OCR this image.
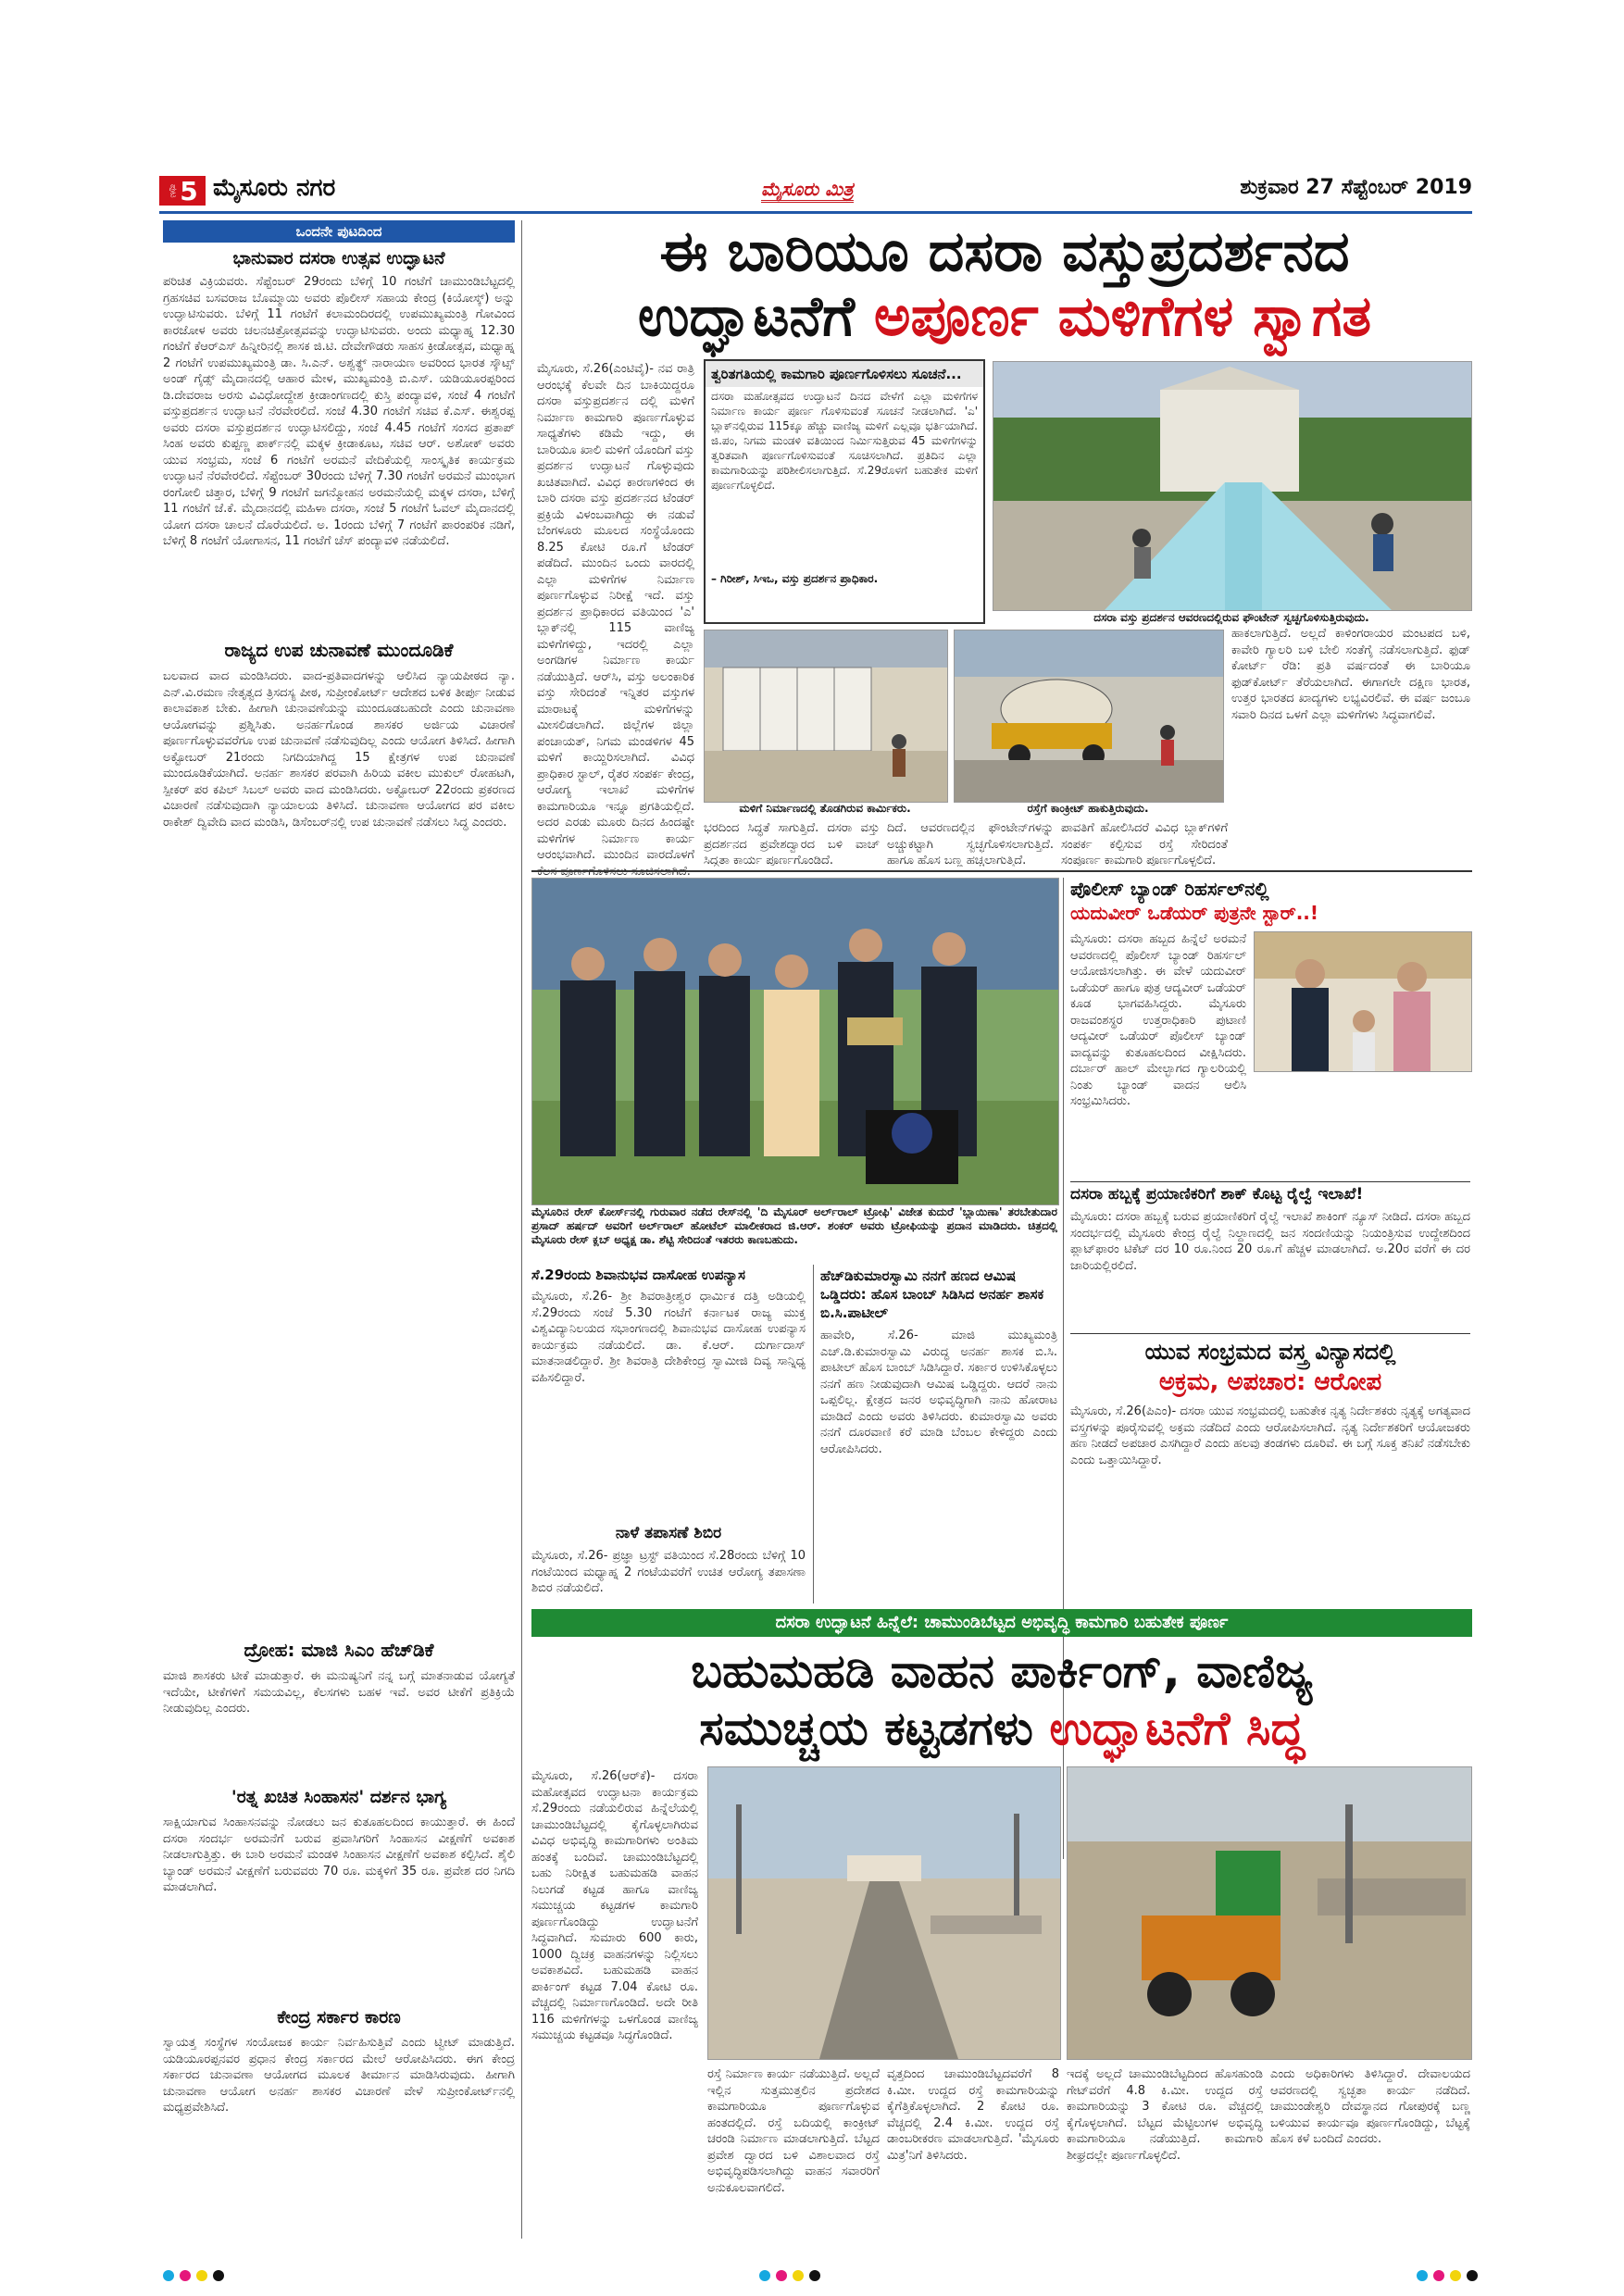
ಪುಟ 5 ಮೈಸೂರು ನಗರ	ಮೈಸೂರು ಮಿತ್ರ	ಶುಕ್ರವಾರ 27 ಸೆಪ್ಟೆಂಬರ್ 2019
ಒಂದನೇ ಪುಟದಿಂದ
ಭಾನುವಾರ ದಸರಾ ಉತ್ಸವ ಉದ್ಘಾಟನೆ
ಪರಿಚಿತ ವಿಕ್ರಿಯವರು. ಸೆಪ್ಟೆಂಬರ್ 29ರಂದು ಬೆಳಿಗ್ಗೆ 10 ಗಂಟೆಗೆ ಚಾಮುಂಡಿಬೆಟ್ಟದಲ್ಲಿ ಗ್ರಹಸಚಿವ ಬಸವರಾಜ ಬೊಮ್ಮಾಯಿ ಅವರು ಪೊಲೀಸ್ ಸಹಾಯ ಕೇಂದ್ರ (ಕಿಯೋಸ್ಕ್) ಅನ್ನು ಉದ್ಘಾಟಿಸುವರು. ಬೆಳಿಗ್ಗೆ 11 ಗಂಟೆಗೆ ಕಲಾಮಂದಿರದಲ್ಲಿ ಉಪಮುಖ್ಯಮಂತ್ರಿ ಗೋವಿಂದ ಕಾರಜೋಳ ಅವರು ಚಲನಚಿತ್ರೋತ್ಸವವನ್ನು ಉದ್ಘಾಟಿಸುವರು. ಅಂದು ಮಧ್ಯಾಹ್ನ 12.30 ಗಂಟೆಗೆ ಕೆಆರ್‌ಎಸ್ ಹಿನ್ನೀರಿನಲ್ಲಿ ಶಾಸಕ ಜಿ.ಟಿ. ದೇವೇಗೌಡರು ಸಾಹಸ ಕ್ರೀಡೋತ್ಸವ, ಮಧ್ಯಾಹ್ನ 2 ಗಂಟೆಗೆ ಉಪಮುಖ್ಯಮಂತ್ರಿ ಡಾ. ಸಿ.ಎನ್. ಅಶ್ವತ್ಥ್ ನಾರಾಯಣ ಅವರಿಂದ ಭಾರತ ಸ್ಕೌಟ್ಸ್ ಅಂಡ್ ಗೈಡ್ಸ್ ಮೈದಾನದಲ್ಲಿ ಆಹಾರ ಮೇಳ, ಮುಖ್ಯಮಂತ್ರಿ ಬಿ.ಎಸ್. ಯಡಿಯೂರಪ್ಪರಿಂದ ಡಿ.ದೇವರಾಜ ಅರಸು ವಿವಿಧೋದ್ದೇಶ ಕ್ರೀಡಾಂಗಣದಲ್ಲಿ ಕುಸ್ತಿ ಪಂದ್ಯಾವಳಿ, ಸಂಜೆ 4 ಗಂಟೆಗೆ ವಸ್ತುಪ್ರದರ್ಶನ ಉದ್ಘಾಟನೆ ನೆರವೇರಲಿದೆ. ಸಂಜೆ 4.30 ಗಂಟೆಗೆ ಸಚಿವ ಕೆ.ಎಸ್. ಈಶ್ವರಪ್ಪ ಅವರು ದಸರಾ ವಸ್ತುಪ್ರದರ್ಶನ ಉದ್ಘಾಟಿಸಲಿದ್ದು, ಸಂಜೆ 4.45 ಗಂಟೆಗೆ ಸಂಸದ ಪ್ರತಾಪ್ ಸಿಂಹ ಅವರು ಕುಪ್ಪಣ್ಣ ಪಾರ್ಕ್‌ನಲ್ಲಿ ಮಕ್ಕಳ ಕ್ರೀಡಾಕೂಟ, ಸಚಿವ ಆರ್. ಅಶೋಕ್ ಅವರು ಯುವ ಸಂಭ್ರಮ, ಸಂಜೆ 6 ಗಂಟೆಗೆ ಅರಮನೆ ವೇದಿಕೆಯಲ್ಲಿ ಸಾಂಸ್ಕೃತಿಕ ಕಾರ್ಯಕ್ರಮ ಉದ್ಘಾಟನೆ ನೆರವೇರಲಿದೆ. ಸೆಪ್ಟೆಂಬರ್ 30ರಂದು ಬೆಳಿಗ್ಗೆ 7.30 ಗಂಟೆಗೆ ಅರಮನೆ ಮುಂಭಾಗ ರಂಗೋಲಿ ಚಿತ್ತಾರ, ಬೆಳಿಗ್ಗೆ 9 ಗಂಟೆಗೆ ಜಗನ್ಮೋಹನ ಅರಮನೆಯಲ್ಲಿ ಮಕ್ಕಳ ದಸರಾ, ಬೆಳಿಗ್ಗೆ 11 ಗಂಟೆಗೆ ಜೆ.ಕೆ. ಮೈದಾನದಲ್ಲಿ ಮಹಿಳಾ ದಸರಾ, ಸಂಜೆ 5 ಗಂಟೆಗೆ ಓವಲ್ ಮೈದಾನದಲ್ಲಿ ಯೋಗ ದಸರಾ ಚಾಲನೆ ದೊರೆಯಲಿದೆ. ಅ. 1ರಂದು ಬೆಳಿಗ್ಗೆ 7 ಗಂಟೆಗೆ ಪಾರಂಪರಿಕ ನಡಿಗೆ, ಬೆಳಿಗ್ಗೆ 8 ಗಂಟೆಗೆ ಯೋಗಾಸನ, 11 ಗಂಟೆಗೆ ಚೆಸ್ ಪಂದ್ಯಾವಳಿ ನಡೆಯಲಿದೆ.
ರಾಜ್ಯದ ಉಪ ಚುನಾವಣೆ ಮುಂದೂಡಿಕೆ
ಬಲವಾದ ವಾದ ಮಂಡಿಸಿದರು. ವಾದ-ಪ್ರತಿವಾದಗಳನ್ನು ಆಲಿಸಿದ ನ್ಯಾಯಪೀಠದ ನ್ಯಾ. ಎನ್.ವಿ.ರಮಣ ನೇತೃತ್ವದ ತ್ರಿಸದಸ್ಯ ಪೀಠ, ಸುಪ್ರೀಂಕೋರ್ಟ್ ಆದೇಶದ ಬಳಿಕ ತೀರ್ಪು ನೀಡುವ ಕಾಲಾವಕಾಶ ಬೇಕು. ಹೀಗಾಗಿ ಚುನಾವಣೆಯನ್ನು ಮುಂದೂಡಬಹುದೇ ಎಂದು ಚುನಾವಣಾ ಆಯೋಗವನ್ನು ಪ್ರಶ್ನಿಸಿತು. ಅನರ್ಹಗೊಂಡ ಶಾಸಕರ ಅರ್ಜಿಯ ವಿಚಾರಣೆ ಪೂರ್ಣಗೊಳ್ಳುವವರೆಗೂ ಉಪ ಚುನಾವಣೆ ನಡೆಸುವುದಿಲ್ಲ ಎಂದು ಆಯೋಗ ತಿಳಿಸಿದೆ. ಹೀಗಾಗಿ ಅಕ್ಟೋಬರ್ 21ರಂದು ನಿಗದಿಯಾಗಿದ್ದ 15 ಕ್ಷೇತ್ರಗಳ ಉಪ ಚುನಾವಣೆ ಮುಂದೂಡಿಕೆಯಾಗಿದೆ. ಅನರ್ಹ ಶಾಸಕರ ಪರವಾಗಿ ಹಿರಿಯ ವಕೀಲ ಮುಕುಲ್ ರೋಹಟಗಿ, ಸ್ಪೀಕರ್ ಪರ ಕಪಿಲ್ ಸಿಬಲ್ ಅವರು ವಾದ ಮಂಡಿಸಿದರು. ಅಕ್ಟೋಬರ್ 22ರಂದು ಪ್ರಕರಣದ ವಿಚಾರಣೆ ನಡೆಸುವುದಾಗಿ ನ್ಯಾಯಾಲಯ ತಿಳಿಸಿದೆ. ಚುನಾವಣಾ ಆಯೋಗದ ಪರ ವಕೀಲ ರಾಕೇಶ್ ದ್ವಿವೇದಿ ವಾದ ಮಂಡಿಸಿ, ಡಿಸೆಂಬರ್‌ನಲ್ಲಿ ಉಪ ಚುನಾವಣೆ ನಡೆಸಲು ಸಿದ್ಧ ಎಂದರು.
ದ್ರೋಹ: ಮಾಜಿ ಸಿಎಂ ಹೆಚ್‌ಡಿಕೆ
ಮಾಜಿ ಶಾಸಕರು ಟೀಕೆ ಮಾಡುತ್ತಾರೆ. ಈ ಮನುಷ್ಯನಿಗೆ ನನ್ನ ಬಗ್ಗೆ ಮಾತನಾಡುವ ಯೋಗ್ಯತೆ ಇದೆಯೇ, ಟೀಕೆಗಳಿಗೆ ಸಮಯವಿಲ್ಲ, ಕೆಲಸಗಳು ಬಹಳ ಇವೆ. ಅವರ ಟೀಕೆಗೆ ಪ್ರತಿಕ್ರಿಯೆ ನೀಡುವುದಿಲ್ಲ ಎಂದರು.
'ರತ್ನ ಖಚಿತ ಸಿಂಹಾಸನ' ದರ್ಶನ ಭಾಗ್ಯ
ಸಾಕ್ಷಿಯಾಗುವ ಸಿಂಹಾಸನವನ್ನು ನೋಡಲು ಜನ ಕುತೂಹಲದಿಂದ ಕಾಯುತ್ತಾರೆ. ಈ ಹಿಂದೆ ದಸರಾ ಸಂದರ್ಭ ಅರಮನೆಗೆ ಬರುವ ಪ್ರವಾಸಿಗರಿಗೆ ಸಿಂಹಾಸನ ವೀಕ್ಷಣೆಗೆ ಅವಕಾಶ ನೀಡಲಾಗುತ್ತಿತ್ತು. ಈ ಬಾರಿ ಅರಮನೆ ಮಂಡಳಿ ಸಿಂಹಾಸನ ವೀಕ್ಷಣೆಗೆ ಅವಕಾಶ ಕಲ್ಪಿಸಿದೆ. ಶೈಲಿ ಬ್ಯಾಂಡ್ ಅರಮನೆ ವೀಕ್ಷಣೆಗೆ ಬರುವವರು 70 ರೂ. ಮಕ್ಕಳಿಗೆ 35 ರೂ. ಪ್ರವೇಶ ದರ ನಿಗದಿ ಮಾಡಲಾಗಿದೆ.
ಕೇಂದ್ರ ಸರ್ಕಾರ ಕಾರಣ
ಸ್ವಾಯತ್ತ ಸಂಸ್ಥೆಗಳ ಸಂಯೋಜಕ ಕಾರ್ಯ ನಿರ್ವಹಿಸುತ್ತಿವೆ ಎಂದು ಟ್ವೀಟ್ ಮಾಡುತ್ತಿದೆ. ಯಡಿಯೂರಪ್ಪನವರ ಪ್ರಧಾನ ಕೇಂದ್ರ ಸರ್ಕಾರದ ಮೇಲೆ ಆರೋಪಿಸಿದರು. ಈಗ ಕೇಂದ್ರ ಸರ್ಕಾರದ ಚುನಾವಣಾ ಆಯೋಗದ ಮೂಲಕ ತೀರ್ಮಾನ ಮಾಡಿಸಿರುವುದು. ಹೀಗಾಗಿ ಚುನಾವಣಾ ಆಯೋಗ ಅನರ್ಹ ಶಾಸಕರ ವಿಚಾರಣೆ ವೇಳೆ ಸುಪ್ರೀಂಕೋರ್ಟ್‌ನಲ್ಲಿ ಮಧ್ಯಪ್ರವೇಶಿಸಿದೆ.
ಈ ಬಾರಿಯೂ ದಸರಾ ವಸ್ತುಪ್ರದರ್ಶನದ
ಉದ್ಘಾಟನೆಗೆ ಅಪೂರ್ಣ ಮಳಿಗೆಗಳ ಸ್ವಾಗತ
ಮೈಸೂರು, ಸೆ.26(ಎಂಟಿವೈ)- ನವ ರಾತ್ರಿ ಆರಂಭಕ್ಕೆ ಕೆಲವೇ ದಿನ ಬಾಕಿಯಿದ್ದರೂ ದಸರಾ ವಸ್ತುಪ್ರದರ್ಶನ ದಲ್ಲಿ ಮಳಿಗೆ ನಿರ್ಮಾಣ ಕಾಮಗಾರಿ ಪೂರ್ಣಗೊಳ್ಳುವ ಸಾಧ್ಯತೆಗಳು ಕಡಿಮೆ ಇದ್ದು, ಈ ಬಾರಿಯೂ ಖಾಲಿ ಮಳಿಗೆ ಯೊಂದಿಗೆ ವಸ್ತು ಪ್ರದರ್ಶನ ಉದ್ಘಾಟನೆ ಗೊಳ್ಳುವುದು ಖಚಿತವಾಗಿದೆ. ವಿವಿಧ ಕಾರಣಗಳಿಂದ ಈ ಬಾರಿ ದಸರಾ ವಸ್ತು ಪ್ರದರ್ಶನದ ಟೆಂಡರ್ ಪ್ರಕ್ರಿಯೆ ವಿಳಂಬವಾಗಿದ್ದು ಈ ನಡುವೆ ಬೆಂಗಳೂರು ಮೂಲದ ಸಂಸ್ಥೆಯೊಂದು 8.25 ಕೋಟಿ ರೂ.ಗೆ ಟೆಂಡರ್ ಪಡೆದಿದೆ. ಮುಂದಿನ ಒಂದು ವಾರದಲ್ಲಿ ಎಲ್ಲಾ ಮಳಿಗೆಗಳ ನಿರ್ಮಾಣ ಪೂರ್ಣಗೊಳ್ಳುವ ನಿರೀಕ್ಷೆ ಇದೆ. ವಸ್ತು ಪ್ರದರ್ಶನ ಪ್ರಾಧಿಕಾರದ ವತಿಯಿಂದ 'ಎ' ಬ್ಲಾಕ್‌ನಲ್ಲಿ 115 ವಾಣಿಜ್ಯ ಮಳಿಗೆಗಳಿದ್ದು, ಇದರಲ್ಲಿ ಎಲ್ಲಾ ಅಂಗಡಿಗಳ ನಿರ್ಮಾಣ ಕಾರ್ಯ ನಡೆಯುತ್ತಿದೆ. ಆರ್‌ಸಿ, ವಸ್ತು ಅಲಂಕಾರಿಕ ವಸ್ತು ಸೇರಿದಂತೆ ಇನ್ನಿತರ ವಸ್ತುಗಳ ಮಾರಾಟಕ್ಕೆ ಮಳಿಗೆಗಳನ್ನು ಮೀಸಲಿಡಲಾಗಿದೆ. ಜಿಲ್ಲೆಗಳ ಜಿಲ್ಲಾ ಪಂಚಾಯತ್, ನಿಗಮ ಮಂಡಳಿಗಳ 45 ಮಳಿಗೆ ಕಾಯ್ದಿರಿಸಲಾಗಿದೆ. ವಿವಿಧ ಪ್ರಾಧಿಕಾರ ಸ್ಟಾಲ್, ರೈತರ ಸಂಪರ್ಕ ಕೇಂದ್ರ, ಆರೋಗ್ಯ ಇಲಾಖೆ ಮಳಿಗೆಗಳ ಕಾಮಗಾರಿಯೂ ಇನ್ನೂ ಪ್ರಗತಿಯಲ್ಲಿದೆ. ಅದರ ಎರಡು ಮೂರು ದಿನದ ಹಿಂದಷ್ಟೇ ಮಳಿಗೆಗಳ ನಿರ್ಮಾಣ ಕಾರ್ಯ ಆರಂಭವಾಗಿದೆ. ಮುಂದಿನ ವಾರದೊಳಗೆ
ತ್ವರಿತಗತಿಯಲ್ಲಿ ಕಾಮಗಾರಿ ಪೂರ್ಣಗೊಳಿಸಲು ಸೂಚನೆ...
ದಸರಾ ಮಹೋತ್ಸವದ ಉದ್ಘಾಟನೆ ದಿನದ ವೇಳೆಗೆ ಎಲ್ಲಾ ಮಳಿಗೆಗಳ ನಿರ್ಮಾಣ ಕಾರ್ಯ ಪೂರ್ಣ ಗೊಳಿಸುವಂತೆ ಸೂಚನೆ ನೀಡಲಾಗಿದೆ. 'ಎ' ಬ್ಲಾಕ್‌ನಲ್ಲಿರುವ 115ಕ್ಕೂ ಹೆಚ್ಚು ವಾಣಿಜ್ಯ ಮಳಿಗೆ ಎಲ್ಲವೂ ಭರ್ತಿಯಾಗಿದೆ. ಜಿ.ಪಂ, ನಿಗಮ ಮಂಡಳಿ ವತಿಯಿಂದ ನಿರ್ಮಿಸುತ್ತಿರುವ 45 ಮಳಿಗೆಗಳನ್ನು ತ್ವರಿತವಾಗಿ ಪೂರ್ಣಗೊಳಿಸುವಂತೆ ಸೂಚಿಸಲಾಗಿದೆ. ಪ್ರತಿದಿನ ಎಲ್ಲಾ ಕಾಮಗಾರಿಯನ್ನು ಪರಿಶೀಲಿಸಲಾಗುತ್ತಿದೆ. ಸೆ.29ರೊಳಗೆ ಬಹುತೇಕ ಮಳಿಗೆ ಪೂರ್ಣಗೊಳ್ಳಲಿದೆ.
– ಗಿರೀಶ್, ಸಿಇಒ, ವಸ್ತು ಪ್ರದರ್ಶನ ಪ್ರಾಧಿಕಾರ.
ದಸರಾ ವಸ್ತು ಪ್ರದರ್ಶನ ಆವರಣದಲ್ಲಿರುವ ಫೌಂಟೇನ್ ಸ್ವಚ್ಛಗೊಳಿಸುತ್ತಿರುವುದು.
ಮಳಿಗೆ ನಿರ್ಮಾಣದಲ್ಲಿ ತೊಡಗಿರುವ ಕಾರ್ಮಿಕರು.	ರಸ್ತೆಗೆ ಕಾಂಕ್ರೀಟ್ ಹಾಕುತ್ತಿರುವುದು.
ಹಾಕಲಾಗುತ್ತಿದೆ. ಅಲ್ಲದೆ ಕಾಳಿಂಗರಾಯರ ಮಂಟಪದ ಬಳಿ, ಕಾವೇರಿ ಗ್ಯಾಲರಿ ಬಳಿ ಬೇಲಿ ಸಂತೆಗೈ ನಡೆಸಲಾಗುತ್ತಿದೆ. ಫುಡ್ ಕೋರ್ಟ್ ರೆಡಿ: ಪ್ರತಿ ವರ್ಷದಂತೆ ಈ ಬಾರಿಯೂ ಫುಡ್‌ಕೋರ್ಟ್ ತೆರೆಯಲಾಗಿದೆ. ಈಗಾಗಲೇ ದಕ್ಷಿಣ ಭಾರತ, ಉತ್ತರ ಭಾರತದ ಖಾದ್ಯಗಳು ಲಭ್ಯವಿರಲಿವೆ. ಈ ವರ್ಷ ಜಂಬೂ ಸವಾರಿ ದಿನದ ಒಳಗೆ ಎಲ್ಲಾ ಮಳಿಗೆಗಳು ಸಿದ್ಧವಾಗಲಿವೆ.
ಭರದಿಂದ ಸಿದ್ಧತೆ ಸಾಗುತ್ತಿದೆ. ದಸರಾ ವಸ್ತು ಪ್ರದರ್ಶನದ ಪ್ರವೇಶದ್ವಾರದ ಬಳಿ ವಾಚ್ ಸಿದ್ಧತಾ ಕಾರ್ಯ ಪೂರ್ಣಗೊಂಡಿದೆ.
ದಿದೆ. ಆವರಣದಲ್ಲಿನ ಫೌಂಟೇನ್‌ಗಳನ್ನು ಅಚ್ಚುಕಟ್ಟಾಗಿ ಸ್ವಚ್ಛಗೊಳಿಸಲಾಗುತ್ತಿದೆ. ಹಾಗೂ ಹೊಸ ಬಣ್ಣ ಹಚ್ಚಲಾಗುತ್ತಿದೆ.
ಪಾವತಿಗೆ ಹೋಲಿಸಿದರೆ ವಿವಿಧ ಬ್ಲಾಕ್‌ಗಳಿಗೆ ಸಂಪರ್ಕ ಕಲ್ಪಿಸುವ ರಸ್ತೆ ಸೇರಿದಂತೆ ಸಂಪೂರ್ಣ ಕಾಮಗಾರಿ ಪೂರ್ಣಗೊಳ್ಳಲಿದೆ.
ಮೈಸೂರಿನ ರೇಸ್ ಕೋರ್ಸ್‌ನಲ್ಲಿ ಗುರುವಾರ ನಡೆದ ರೇಸ್‌ನಲ್ಲಿ 'ದಿ ಮೈಸೂರ್ ಅರ್ಲ್‌ರಾಲ್ ಟ್ರೋಫಿ' ವಿಜೇತ ಕುದುರೆ 'ಬ್ಲಾಯಿಣಾ' ತರಬೇತುದಾರ ಪ್ರಸಾದ್ ಹರ್ಷದ್ ಅವರಿಗೆ ಅರ್ಲ್‌ರಾಲ್ ಹೋಟೆಲ್ ಮಾಲೀಕರಾದ ಜಿ.ಆರ್. ಶಂಕರ್ ಅವರು ಟ್ರೋಫಿಯನ್ನು ಪ್ರದಾನ ಮಾಡಿದರು. ಚಿತ್ರದಲ್ಲಿ ಮೈಸೂರು ರೇಸ್ ಕ್ಲಬ್ ಅಧ್ಯಕ್ಷ ಡಾ. ಶೆಟ್ಟಿ ಸೇರಿದಂತೆ ಇತರರು ಕಾಣಬಹುದು.
ಸೆ.29ರಂದು ಶಿವಾನುಭವ ದಾಸೋಹ ಉಪನ್ಯಾಸ
ಮೈಸೂರು, ಸೆ.26- ಶ್ರೀ ಶಿವರಾತ್ರೀಶ್ವರ ಧಾರ್ಮಿಕ ದತ್ತಿ ಅಡಿಯಲ್ಲಿ ಸೆ.29ರಂದು ಸಂಜೆ 5.30 ಗಂಟೆಗೆ ಕರ್ನಾಟಕ ರಾಜ್ಯ ಮುಕ್ತ ವಿಶ್ವವಿದ್ಯಾನಿಲಯದ ಸಭಾಂಗಣದಲ್ಲಿ ಶಿವಾನುಭವ ದಾಸೋಹ ಉಪನ್ಯಾಸ ಕಾರ್ಯಕ್ರಮ ನಡೆಯಲಿದೆ. ಡಾ. ಕೆ.ಆರ್. ದುರ್ಗಾದಾಸ್ ಮಾತನಾಡಲಿದ್ದಾರೆ. ಶ್ರೀ ಶಿವರಾತ್ರಿ ದೇಶಿಕೇಂದ್ರ ಸ್ವಾಮೀಜಿ ದಿವ್ಯ ಸಾನ್ನಿಧ್ಯ ವಹಿಸಲಿದ್ದಾರೆ.
ನಾಳೆ ತಪಾಸಣೆ ಶಿಬಿರ
ಮೈಸೂರು, ಸೆ.26- ಪ್ರಜ್ಞಾ ಟ್ರಸ್ಟ್ ವತಿಯಿಂದ ಸೆ.28ರಂದು ಬೆಳಿಗ್ಗೆ 10 ಗಂಟೆಯಿಂದ ಮಧ್ಯಾಹ್ನ 2 ಗಂಟೆಯವರೆಗೆ ಉಚಿತ ಆರೋಗ್ಯ ತಪಾಸಣಾ ಶಿಬಿರ ನಡೆಯಲಿದೆ.
ಹೆಚ್‌ಡಿಕುಮಾರಸ್ವಾಮಿ ನನಗೆ ಹಣದ ಆಮಿಷ ಒಡ್ಡಿದರು: ಹೊಸ ಬಾಂಬ್ ಸಿಡಿಸಿದ ಅನರ್ಹ ಶಾಸಕ ಬಿ.ಸಿ.ಪಾಟೀಲ್
ಹಾವೇರಿ, ಸೆ.26- ಮಾಜಿ ಮುಖ್ಯಮಂತ್ರಿ ಎಚ್.ಡಿ.ಕುಮಾರಸ್ವಾಮಿ ವಿರುದ್ಧ ಅನರ್ಹ ಶಾಸಕ ಬಿ.ಸಿ. ಪಾಟೀಲ್ ಹೊಸ ಬಾಂಬ್ ಸಿಡಿಸಿದ್ದಾರೆ. ಸರ್ಕಾರ ಉಳಿಸಿಕೊಳ್ಳಲು ನನಗೆ ಹಣ ನೀಡುವುದಾಗಿ ಆಮಿಷ ಒಡ್ಡಿದ್ದರು. ಆದರೆ ನಾನು ಒಪ್ಪಲಿಲ್ಲ. ಕ್ಷೇತ್ರದ ಜನರ ಅಭಿವೃದ್ಧಿಗಾಗಿ ನಾನು ಹೋರಾಟ ಮಾಡಿದೆ ಎಂದು ಅವರು ತಿಳಿಸಿದರು. ಕುಮಾರಸ್ವಾಮಿ ಅವರು ನನಗೆ ದೂರವಾಣಿ ಕರೆ ಮಾಡಿ ಬೆಂಬಲ ಕೇಳಿದ್ದರು ಎಂದು ಆರೋಪಿಸಿದರು.
ಪೊಲೀಸ್ ಬ್ಯಾಂಡ್ ರಿಹರ್ಸಲ್‌ನಲ್ಲಿ
ಯದುವೀರ್ ಒಡೆಯರ್ ಪುತ್ರನೇ ಸ್ಟಾರ್..!
ಮೈಸೂರು: ದಸರಾ ಹಬ್ಬದ ಹಿನ್ನೆಲೆ ಅರಮನೆ ಆವರಣದಲ್ಲಿ ಪೊಲೀಸ್ ಬ್ಯಾಂಡ್ ರಿಹರ್ಸಲ್ ಆಯೋಜಿಸಲಾಗಿತ್ತು. ಈ ವೇಳೆ ಯದುವೀರ್ ಒಡೆಯರ್ ಹಾಗೂ ಪುತ್ರ ಆದ್ಯವೀರ್ ಒಡೆಯರ್ ಕೂಡ ಭಾಗವಹಿಸಿದ್ದರು. ಮೈಸೂರು ರಾಜವಂಶಸ್ಥರ ಉತ್ತರಾಧಿಕಾರಿ ಪುಟಾಣಿ ಆದ್ಯವೀರ್ ಒಡೆಯರ್ ಪೊಲೀಸ್ ಬ್ಯಾಂಡ್ ವಾದ್ಯವನ್ನು ಕುತೂಹಲದಿಂದ ವೀಕ್ಷಿಸಿದರು. ದರ್ಬಾರ್ ಹಾಲ್ ಮೇಲ್ಭಾಗದ ಗ್ಯಾಲರಿಯಲ್ಲಿ ನಿಂತು ಬ್ಯಾಂಡ್ ವಾದನ ಆಲಿಸಿ ಸಂಭ್ರಮಿಸಿದರು.
ದಸರಾ ಹಬ್ಬಕ್ಕೆ ಪ್ರಯಾಣಿಕರಿಗೆ ಶಾಕ್ ಕೊಟ್ಟ ರೈಲ್ವೆ ಇಲಾಖೆ!
ಮೈಸೂರು: ದಸರಾ ಹಬ್ಬಕ್ಕೆ ಬರುವ ಪ್ರಯಾಣಿಕರಿಗೆ ರೈಲ್ವೆ ಇಲಾಖೆ ಶಾಕಿಂಗ್ ನ್ಯೂಸ್ ನೀಡಿದೆ. ದಸರಾ ಹಬ್ಬದ ಸಂದರ್ಭದಲ್ಲಿ ಮೈಸೂರು ಕೇಂದ್ರ ರೈಲ್ವೆ ನಿಲ್ದಾಣದಲ್ಲಿ ಜನ ಸಂದಣಿಯನ್ನು ನಿಯಂತ್ರಿಸುವ ಉದ್ದೇಶದಿಂದ ಪ್ಲಾಟ್‌ಫಾರಂ ಟಿಕೆಟ್ ದರ 10 ರೂ.ನಿಂದ 20 ರೂ.ಗೆ ಹೆಚ್ಚಳ ಮಾಡಲಾಗಿದೆ. ಅ.20ರ ವರೆಗೆ ಈ ದರ ಜಾರಿಯಲ್ಲಿರಲಿದೆ.
ಯುವ ಸಂಭ್ರಮದ ವಸ್ತ್ರ ವಿನ್ಯಾಸದಲ್ಲಿ
ಅಕ್ರಮ, ಅಪಚಾರ: ಆರೋಪ
ಮೈಸೂರು, ಸೆ.26(ಪಿಎಂ)- ದಸರಾ ಯುವ ಸಂಭ್ರಮದಲ್ಲಿ ಬಹುತೇಕ ನೃತ್ಯ ನಿರ್ದೇಶಕರು ನೃತ್ಯಕ್ಕೆ ಅಗತ್ಯವಾದ ವಸ್ತ್ರಗಳನ್ನು ಪೂರೈಸುವಲ್ಲಿ ಅಕ್ರಮ ನಡೆದಿದೆ ಎಂದು ಆರೋಪಿಸಲಾಗಿದೆ. ನೃತ್ಯ ನಿರ್ದೇಶಕರಿಗೆ ಆಯೋಜಕರು ಹಣ ನೀಡದೆ ಅಪಚಾರ ಎಸಗಿದ್ದಾರೆ ಎಂದು ಹಲವು ತಂಡಗಳು ದೂರಿವೆ. ಈ ಬಗ್ಗೆ ಸೂಕ್ತ ತನಿಖೆ ನಡೆಸಬೇಕು ಎಂದು ಒತ್ತಾಯಿಸಿದ್ದಾರೆ.
ದಸರಾ ಉದ್ಘಾಟನೆ ಹಿನ್ನೆಲೆ: ಚಾಮುಂಡಿಬೆಟ್ಟದ ಅಭಿವೃದ್ಧಿ ಕಾಮಗಾರಿ ಬಹುತೇಕ ಪೂರ್ಣ
ಬಹುಮಹಡಿ ವಾಹನ ಪಾರ್ಕಿಂಗ್, ವಾಣಿಜ್ಯ
ಸಮುಚ್ಚಯ ಕಟ್ಟಡಗಳು ಉದ್ಘಾಟನೆಗೆ ಸಿದ್ಧ
ಮೈಸೂರು, ಸೆ.26(ಆರ್‌ಕೆ)- ದಸರಾ ಮಹೋತ್ಸವದ ಉದ್ಘಾಟನಾ ಕಾರ್ಯಕ್ರಮ ಸೆ.29ರಂದು ನಡೆಯಲಿರುವ ಹಿನ್ನೆಲೆಯಲ್ಲಿ ಚಾಮುಂಡಿಬೆಟ್ಟದಲ್ಲಿ ಕೈಗೊಳ್ಳಲಾಗಿರುವ ವಿವಿಧ ಅಭಿವೃದ್ಧಿ ಕಾಮಗಾರಿಗಳು ಅಂತಿಮ ಹಂತಕ್ಕೆ ಬಂದಿವೆ. ಚಾಮುಂಡಿಬೆಟ್ಟದಲ್ಲಿ ಬಹು ನಿರೀಕ್ಷಿತ ಬಹುಮಹಡಿ ವಾಹನ ನಿಲುಗಡೆ ಕಟ್ಟಡ ಹಾಗೂ ವಾಣಿಜ್ಯ ಸಮುಚ್ಚಯ ಕಟ್ಟಡಗಳ ಕಾಮಗಾರಿ ಪೂರ್ಣಗೊಂಡಿದ್ದು ಉದ್ಘಾಟನೆಗೆ ಸಿದ್ಧವಾಗಿದೆ. ಸುಮಾರು 600 ಕಾರು, 1000 ದ್ವಿಚಕ್ರ ವಾಹನಗಳನ್ನು ನಿಲ್ಲಿಸಲು ಅವಕಾಶವಿದೆ. ಬಹುಮಹಡಿ ವಾಹನ ಪಾರ್ಕಿಂಗ್ ಕಟ್ಟಡ 7.04 ಕೋಟಿ ರೂ. ವೆಚ್ಚದಲ್ಲಿ ನಿರ್ಮಾಣಗೊಂಡಿದೆ. ಅದೇ ರೀತಿ 116 ಮಳಿಗೆಗಳನ್ನು ಒಳಗೊಂಡ ವಾಣಿಜ್ಯ ಸಮುಚ್ಚಯ ಕಟ್ಟಡವೂ ಸಿದ್ಧಗೊಂಡಿದೆ.
ರಸ್ತೆ ನಿರ್ಮಾಣ ಕಾರ್ಯ ನಡೆಯುತ್ತಿದೆ. ಅಲ್ಲದೆ ಇಲ್ಲಿನ ಸುತ್ತಮುತ್ತಲಿನ ಪ್ರದೇಶದ ಕಾಮಗಾರಿಯೂ ಪೂರ್ಣಗೊಳ್ಳುವ ಹಂತದಲ್ಲಿದೆ. ರಸ್ತೆ ಬದಿಯಲ್ಲಿ ಕಾಂಕ್ರೀಟ್ ಚರಂಡಿ ನಿರ್ಮಾಣ ಮಾಡಲಾಗುತ್ತಿದೆ. ಬೆಟ್ಟದ ಪ್ರವೇಶ ದ್ವಾರದ ಬಳಿ ವಿಶಾಲವಾದ ರಸ್ತೆ ಅಭಿವೃದ್ಧಿಪಡಿಸಲಾಗಿದ್ದು ವಾಹನ ಸವಾರರಿಗೆ ಅನುಕೂಲವಾಗಲಿದೆ.
ವೃತ್ತದಿಂದ ಚಾಮುಂಡಿಬೆಟ್ಟದವರೆಗೆ 8 ಕಿ.ಮೀ. ಉದ್ದದ ರಸ್ತೆ ಕಾಮಗಾರಿಯನ್ನು ಕೈಗೆತ್ತಿಕೊಳ್ಳಲಾಗಿದೆ. 2 ಕೋಟಿ ರೂ. ವೆಚ್ಚದಲ್ಲಿ 2.4 ಕಿ.ಮೀ. ಉದ್ದದ ರಸ್ತೆ ಡಾಂಬರೀಕರಣ ಮಾಡಲಾಗುತ್ತಿದೆ. 'ಮೈಸೂರು ಮಿತ್ರ'ನಿಗೆ ತಿಳಿಸಿದರು.
ಇದಕ್ಕೆ ಅಲ್ಲದೆ ಚಾಮುಂಡಿಬೆಟ್ಟದಿಂದ ಹೊಸಹುಂಡಿ ಗೇಟ್‌ವರೆಗೆ 4.8 ಕಿ.ಮೀ. ಉದ್ದದ ರಸ್ತೆ ಕಾಮಗಾರಿಯನ್ನು 3 ಕೋಟಿ ರೂ. ವೆಚ್ಚದಲ್ಲಿ ಕೈಗೊಳ್ಳಲಾಗಿದೆ. ಬೆಟ್ಟದ ಮೆಟ್ಟಿಲುಗಳ ಅಭಿವೃದ್ಧಿ ಕಾಮಗಾರಿಯೂ ನಡೆಯುತ್ತಿದೆ. ಕಾಮಗಾರಿ ಶೀಘ್ರದಲ್ಲೇ ಪೂರ್ಣಗೊಳ್ಳಲಿದೆ.
ಎಂದು ಅಧಿಕಾರಿಗಳು ತಿಳಿಸಿದ್ದಾರೆ. ದೇವಾಲಯದ ಆವರಣದಲ್ಲಿ ಸ್ವಚ್ಛತಾ ಕಾರ್ಯ ನಡೆದಿದೆ. ಚಾಮುಂಡೇಶ್ವರಿ ದೇವಸ್ಥಾನದ ಗೋಪುರಕ್ಕೆ ಬಣ್ಣ ಬಳಿಯುವ ಕಾರ್ಯವೂ ಪೂರ್ಣಗೊಂಡಿದ್ದು, ಬೆಟ್ಟಕ್ಕೆ ಹೊಸ ಕಳೆ ಬಂದಿದೆ ಎಂದರು.
